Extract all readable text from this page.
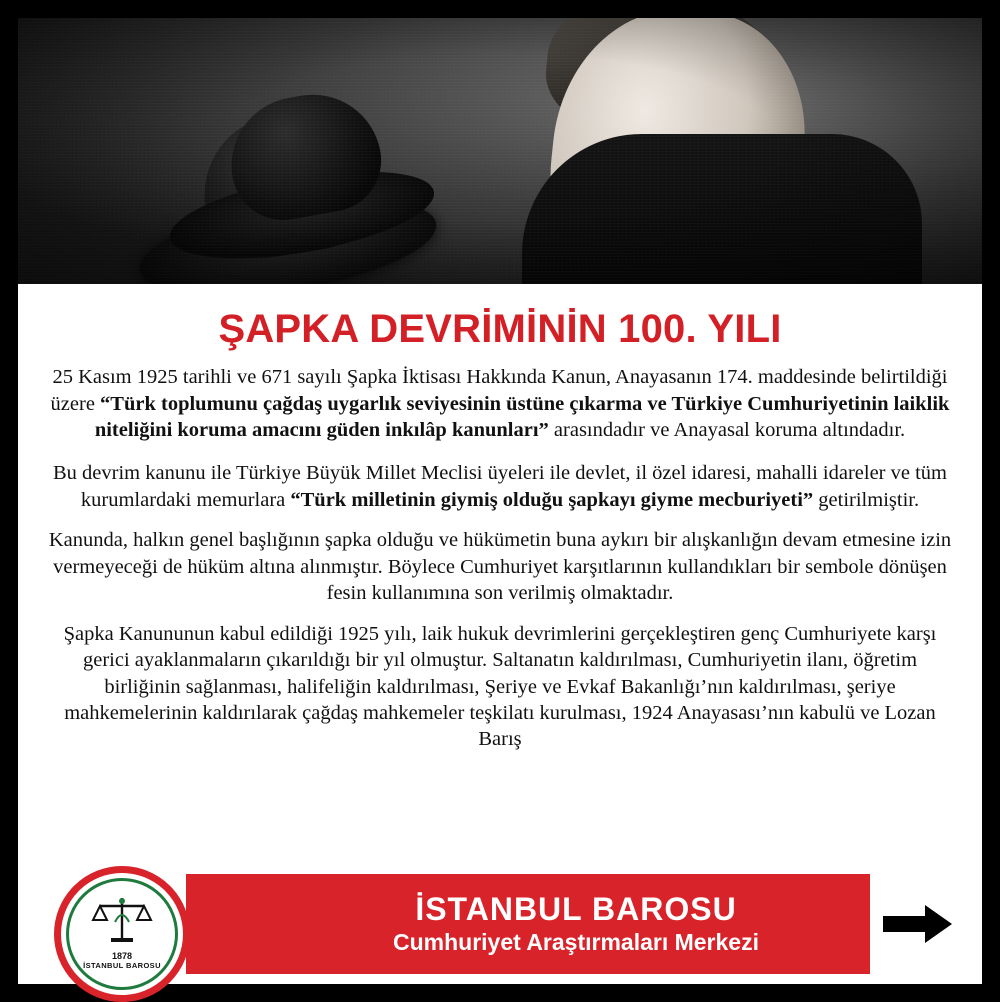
ŞAPKA DEVRİMİNİN 100. YILI

25 Kasım 1925 tarihli ve 671 sayılı Şapka İktisası Hakkında Kanun, Anayasanın 174. maddesinde belirtildiği üzere “Türk toplumunu çağdaş uygarlık seviyesinin üstüne çıkarma ve Türkiye Cumhuriyetinin laiklik niteliğini koruma amacını güden inkılâp kanunları” arasındadır ve Anayasal koruma altındadır.

Bu devrim kanunu ile Türkiye Büyük Millet Meclisi üyeleri ile devlet, il özel idaresi, mahalli idareler ve tüm kurumlardaki memurlara “Türk milletinin giymiş olduğu şapkayı giyme mecburiyeti” getirilmiştir.

Kanunda, halkın genel başlığının şapka olduğu ve hükümetin buna aykırı bir alışkanlığın devam etmesine izin vermeyeceği de hüküm altına alınmıştır. Böylece Cumhuriyet karşıtlarının kullandıkları bir sembole dönüşen fesin kullanımına son verilmiş olmaktadır.

Şapka Kanununun kabul edildiği 1925 yılı, laik hukuk devrimlerini gerçekleştiren genç Cumhuriyete karşı gerici ayaklanmaların çıkarıldığı bir yıl olmuştur. Saltanatın kaldırılması, Cumhuriyetin ilanı, öğretim birliğinin sağlanması, halifeliğin kaldırılması, Şeriye ve Evkaf Bakanlığı’nın kaldırılması, şeriye mahkemelerinin kaldırılarak çağdaş mahkemeler teşkilatı kurulması, 1924 Anayasası’nın kabulü ve Lozan Barış

İSTANBUL BAROSU
Cumhuriyet Araştırmaları Merkezi
1878
İSTANBUL BAROSU
